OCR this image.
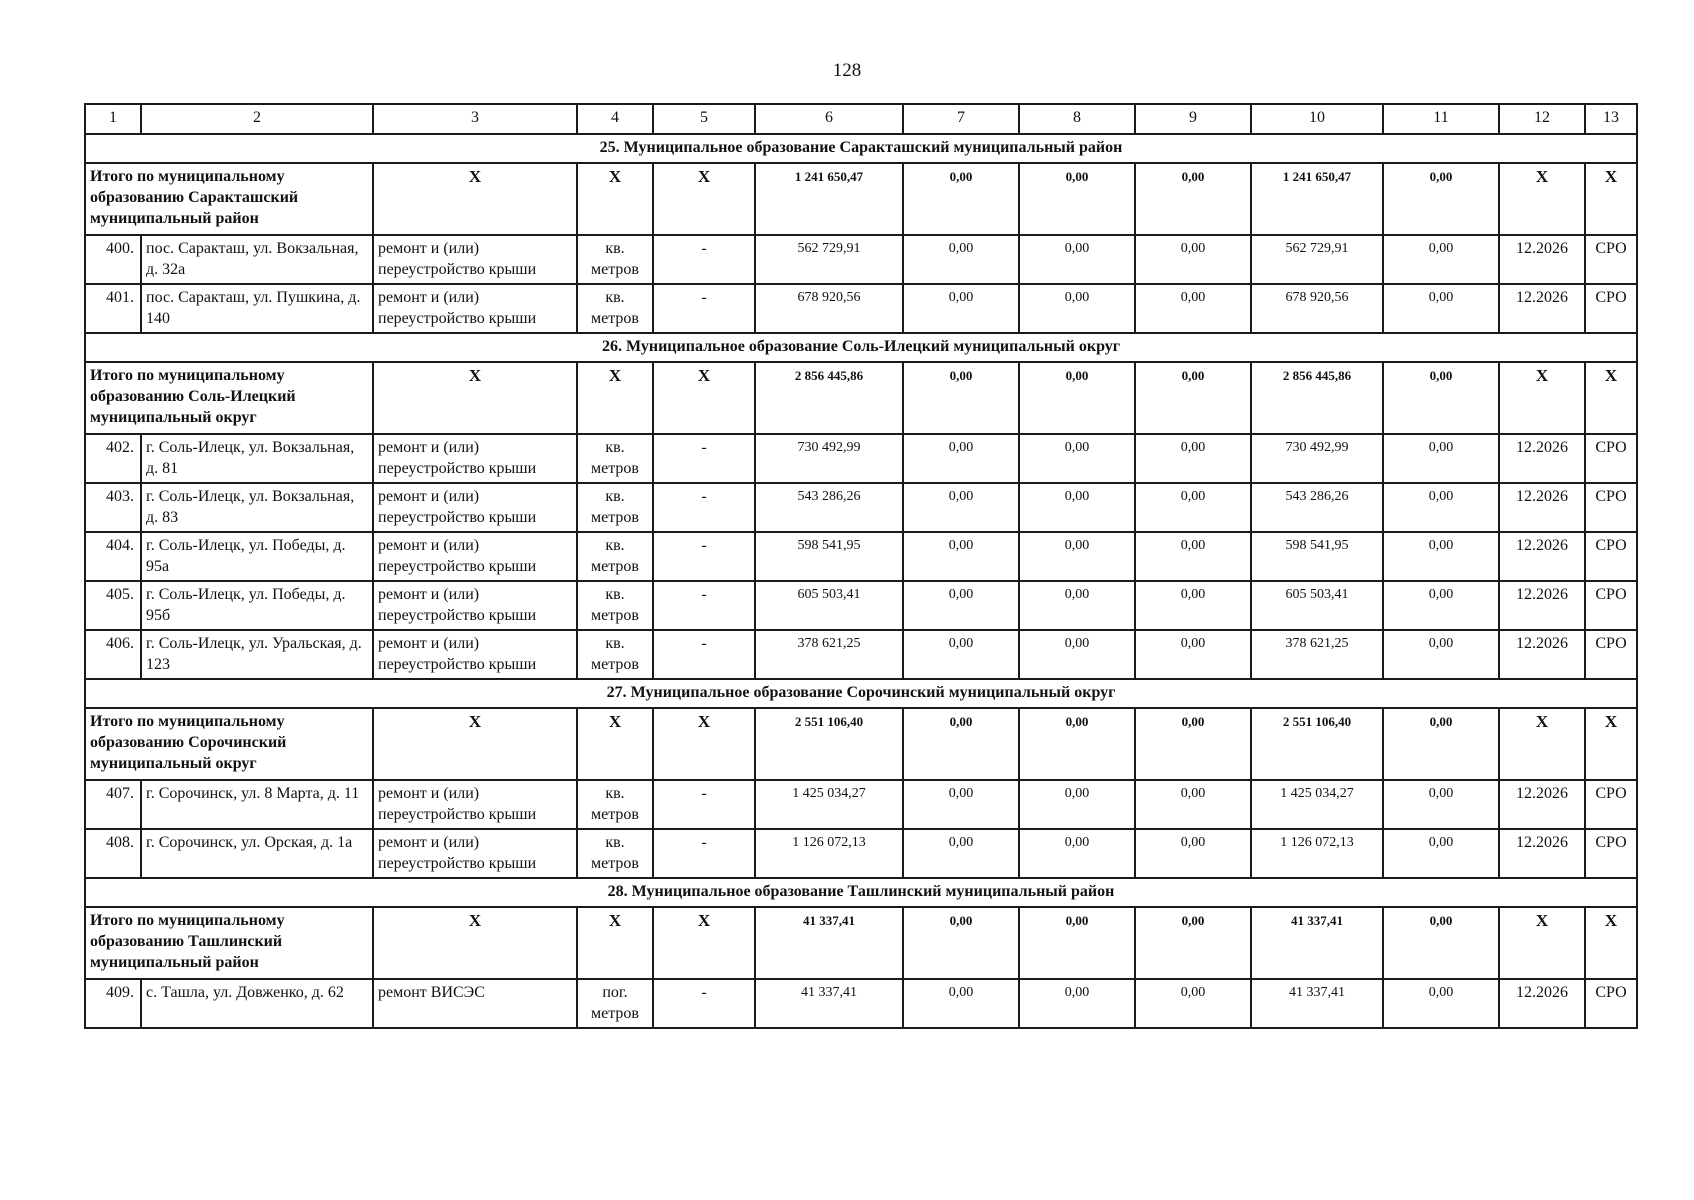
128
1	2	3	4	5	6	7	8	9	10	11	12	13
25. Муниципальное образование Саракташский муниципальный район												
Итого по муниципальному образованию Саракташский муниципальный район		X	X	X	1 241 650,47	0,00	0,00	0,00	1 241 650,47	0,00	X	X
400.	пос. Саракташ, ул. Вокзальная, д. 32а	ремонт и (или) переустройство крыши	кв. метров	-	562 729,91	0,00	0,00	0,00	562 729,91	0,00	12.2026	СРО
401.	пос. Саракташ, ул. Пушкина, д. 140	ремонт и (или) переустройство крыши	кв. метров	-	678 920,56	0,00	0,00	0,00	678 920,56	0,00	12.2026	СРО
26. Муниципальное образование Соль-Илецкий муниципальный округ												
Итого по муниципальному образованию Соль-Илецкий муниципальный округ		X	X	X	2 856 445,86	0,00	0,00	0,00	2 856 445,86	0,00	X	X
402.	г. Соль-Илецк, ул. Вокзальная, д. 81	ремонт и (или) переустройство крыши	кв. метров	-	730 492,99	0,00	0,00	0,00	730 492,99	0,00	12.2026	СРО
403.	г. Соль-Илецк, ул. Вокзальная, д. 83	ремонт и (или) переустройство крыши	кв. метров	-	543 286,26	0,00	0,00	0,00	543 286,26	0,00	12.2026	СРО
404.	г. Соль-Илецк, ул. Победы, д. 95а	ремонт и (или) переустройство крыши	кв. метров	-	598 541,95	0,00	0,00	0,00	598 541,95	0,00	12.2026	СРО
405.	г. Соль-Илецк, ул. Победы, д. 95б	ремонт и (или) переустройство крыши	кв. метров	-	605 503,41	0,00	0,00	0,00	605 503,41	0,00	12.2026	СРО
406.	г. Соль-Илецк, ул. Уральская, д. 123	ремонт и (или) переустройство крыши	кв. метров	-	378 621,25	0,00	0,00	0,00	378 621,25	0,00	12.2026	СРО
27. Муниципальное образование Сорочинский муниципальный округ												
Итого по муниципальному образованию Сорочинский муниципальный округ		X	X	X	2 551 106,40	0,00	0,00	0,00	2 551 106,40	0,00	X	X
407.	г. Сорочинск, ул. 8 Марта, д. 11	ремонт и (или) переустройство крыши	кв. метров	-	1 425 034,27	0,00	0,00	0,00	1 425 034,27	0,00	12.2026	СРО
408.	г. Сорочинск, ул. Орская, д. 1а	ремонт и (или) переустройство крыши	кв. метров	-	1 126 072,13	0,00	0,00	0,00	1 126 072,13	0,00	12.2026	СРО
28. Муниципальное образование Ташлинский муниципальный район												
Итого по муниципальному образованию Ташлинский муниципальный район		X	X	X	41 337,41	0,00	0,00	0,00	41 337,41	0,00	X	X
409.	с. Ташла, ул. Довженко, д. 62	ремонт ВИСЭС	пог. метров	-	41 337,41	0,00	0,00	0,00	41 337,41	0,00	12.2026	СРО
